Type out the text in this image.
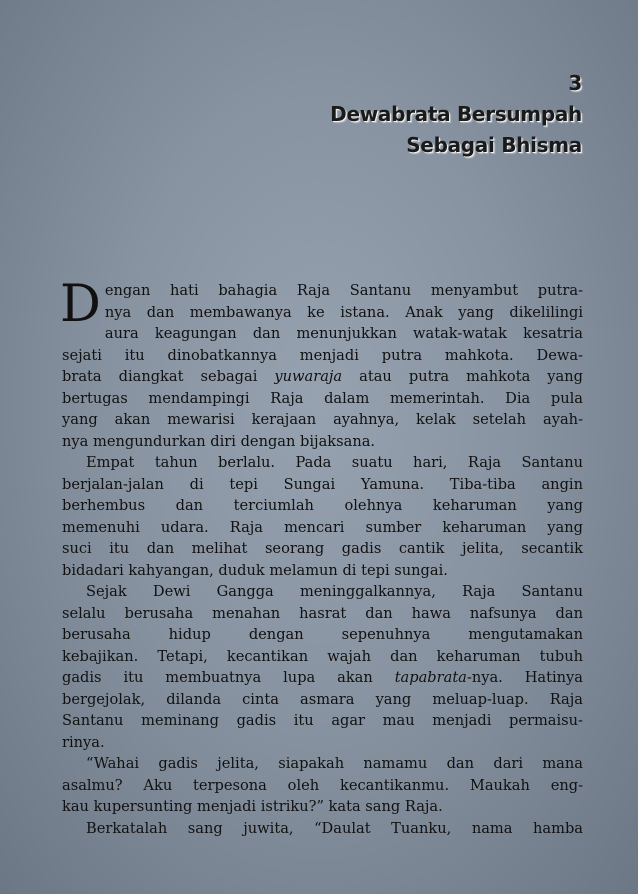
3
Dewabrata Bersumpah
Sebagai Bhisma
D engan hati bahagia Raja Santanu menyambut putra-
nya dan membawanya ke istana. Anak yang dikelilingi
aura keagungan dan menunjukkan watak-watak kesatria
sejati itu dinobatkannya menjadi putra mahkota. Dewa-
brata diangkat sebagai yuwaraja atau putra mahkota yang
bertugas mendampingi Raja dalam memerintah. Dia pula
yang akan mewarisi kerajaan ayahnya, kelak setelah ayah-
nya mengundurkan diri dengan bijaksana.
Empat tahun berlalu. Pada suatu hari, Raja Santanu
berjalan-jalan di tepi Sungai Yamuna. Tiba-tiba angin
berhembus dan terciumlah olehnya keharuman yang
memenuhi udara. Raja mencari sumber keharuman yang
suci itu dan melihat seorang gadis cantik jelita, secantik
bidadari kahyangan, duduk melamun di tepi sungai.
Sejak Dewi Gangga meninggalkannya, Raja Santanu
selalu berusaha menahan hasrat dan hawa nafsunya dan
berusaha hidup dengan sepenuhnya mengutamakan
kebajikan. Tetapi, kecantikan wajah dan keharuman tubuh
gadis itu membuatnya lupa akan tapabrata-nya. Hatinya
bergejolak, dilanda cinta asmara yang meluap-luap. Raja
Santanu meminang gadis itu agar mau menjadi permaisu-
rinya.
“Wahai gadis jelita, siapakah namamu dan dari mana
asalmu? Aku terpesona oleh kecantikanmu. Maukah eng-
kau kupersunting menjadi istriku?” kata sang Raja.
Berkatalah sang juwita, “Daulat Tuanku, nama hamba
